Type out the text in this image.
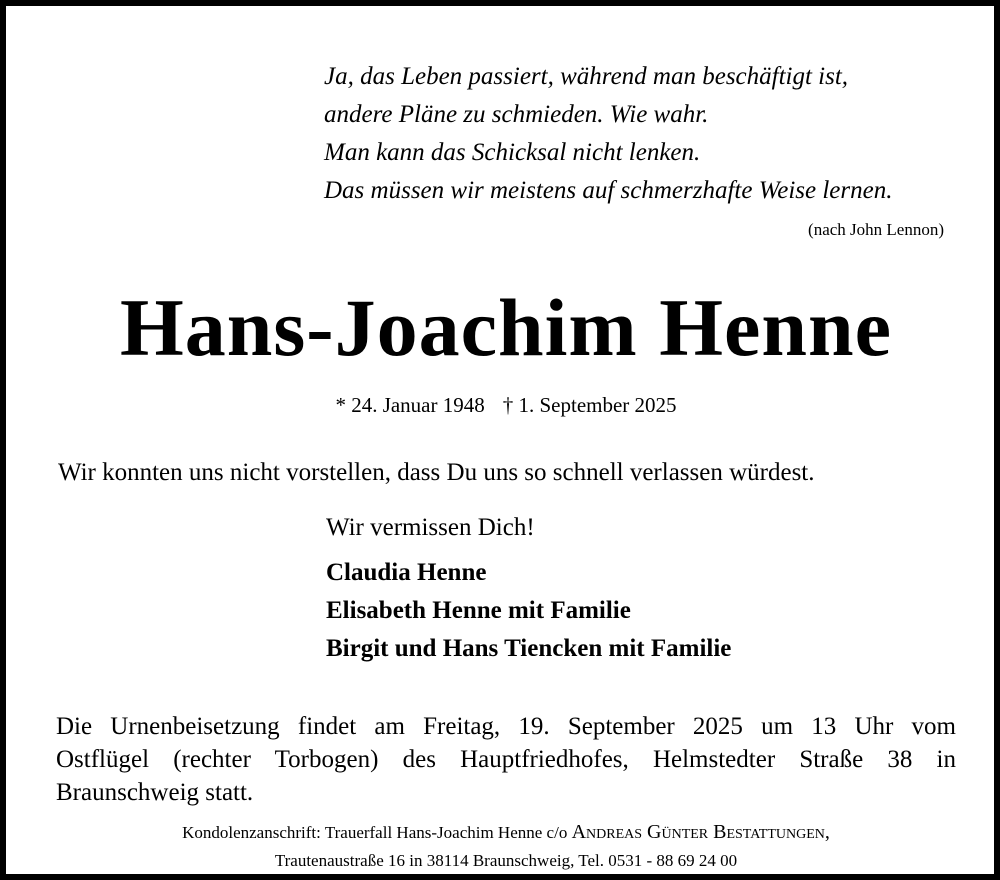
Ja, das Leben passiert, während man beschäftigt ist,
andere Pläne zu schmieden. Wie wahr.
Man kann das Schicksal nicht lenken.
Das müssen wir meistens auf schmerzhafte Weise lernen.
(nach John Lennon)
Hans-Joachim Henne
* 24. Januar 1948 † 1. September 2025
Wir konnten uns nicht vorstellen, dass Du uns so schnell verlassen würdest.
Wir vermissen Dich!
Claudia Henne
Elisabeth Henne mit Familie
Birgit und Hans Tiencken mit Familie
Die Urnenbeisetzung findet am Freitag, 19. September 2025 um 13 Uhr vom
Ostflügel (rechter Torbogen) des Hauptfriedhofes, Helmstedter Straße 38 in
Braunschweig statt.
Kondolenzanschrift: Trauerfall Hans-Joachim Henne c/o Andreas Günter Bestattungen,
Trautenaustraße 16 in 38114 Braunschweig, Tel. 0531 - 88 69 24 00
